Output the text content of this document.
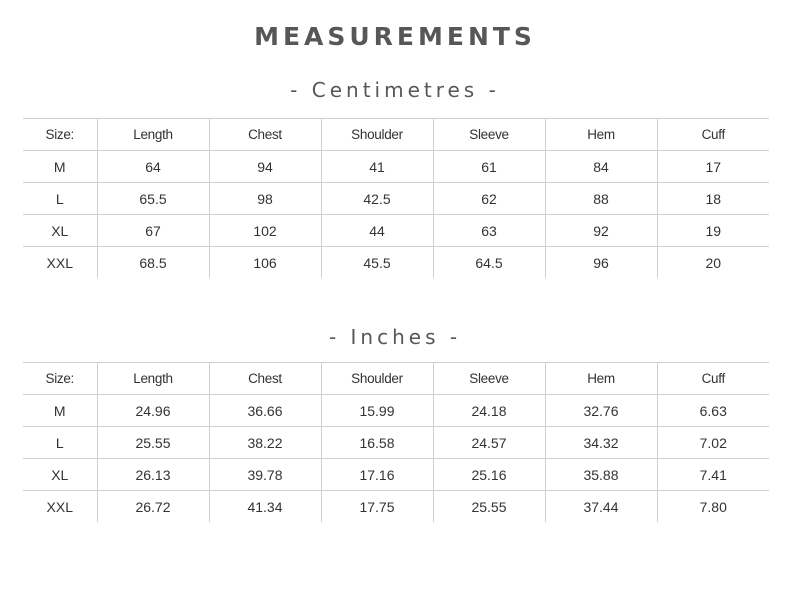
MEASUREMENTS
- Centimetres -
Size:	Length	Chest	Shoulder	Sleeve	Hem	Cuff
M	64	94	41	61	84	17
L	65.5	98	42.5	62	88	18
XL	67	102	44	63	92	19
XXL	68.5	106	45.5	64.5	96	20
- Inches -
Size:	Length	Chest	Shoulder	Sleeve	Hem	Cuff
M	24.96	36.66	15.99	24.18	32.76	6.63
L	25.55	38.22	16.58	24.57	34.32	7.02
XL	26.13	39.78	17.16	25.16	35.88	7.41
XXL	26.72	41.34	17.75	25.55	37.44	7.80
